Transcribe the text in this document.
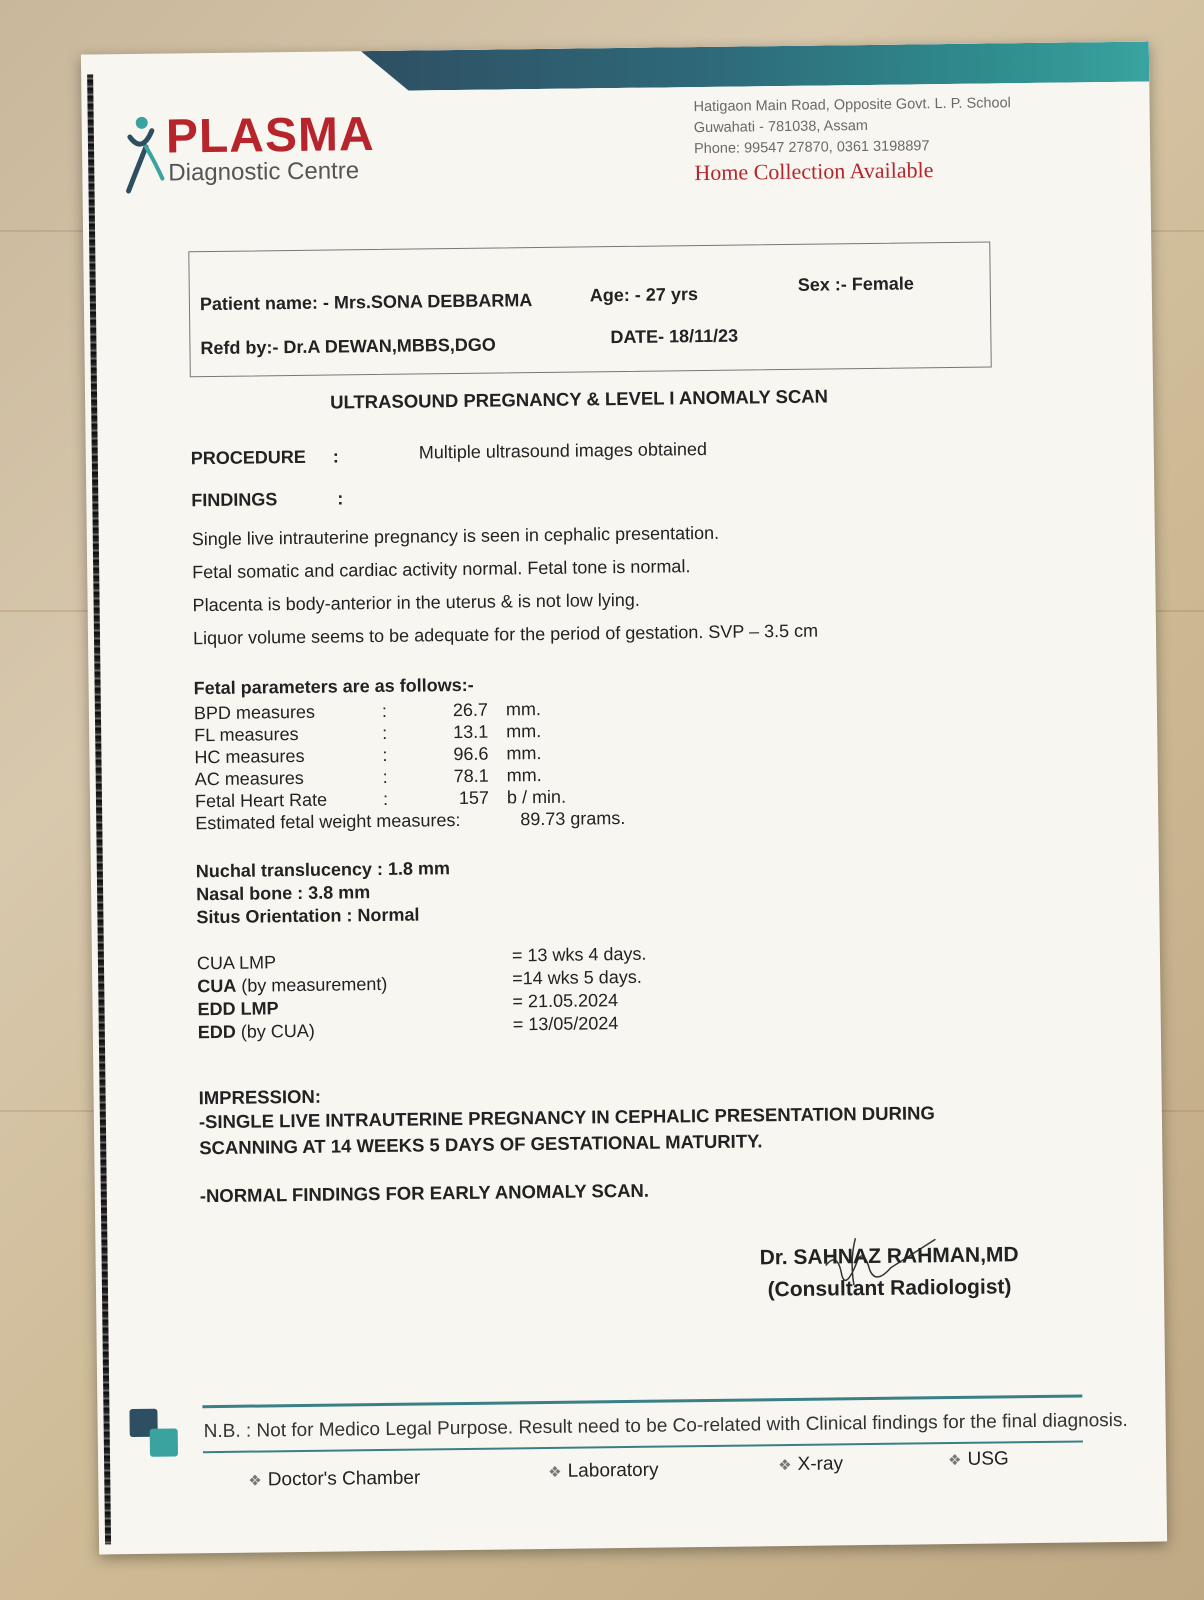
PLASMA
Diagnostic Centre
Hatigaon Main Road, Opposite Govt. L. P. School
Guwahati - 781038, Assam
Phone: 99547 27870, 0361 3198897
Home Collection Available
Patient name: - Mrs.SONA DEBBARMA	Age: - 27 yrs	Sex :- Female
Refd by:- Dr.A DEWAN,MBBS,DGO	DATE- 18/11/23
ULTRASOUND PREGNANCY & LEVEL I ANOMALY SCAN
PROCEDURE :	Multiple ultrasound images obtained
FINDINGS	:
Single live intrauterine pregnancy is seen in cephalic presentation.
Fetal somatic and cardiac activity normal. Fetal tone is normal.
Placenta is body-anterior in the uterus & is not low lying.
Liquor volume seems to be adequate for the period of gestation. SVP – 3.5 cm
Fetal parameters are as follows:-
BPD measures	:	26.7 mm.
FL measures	:	13.1 mm.
HC measures	:	96.6 mm.
AC measures	:	78.1 mm.
Fetal Heart Rate	:	157 b / min.
Estimated fetal weight measures:	89.73 grams.
Nuchal translucency : 1.8 mm
Nasal bone : 3.8 mm
Situs Orientation : Normal
CUA LMP	= 13 wks 4 days.
CUA (by measurement)	=14 wks 5 days.
EDD LMP	= 21.05.2024
EDD (by CUA)	= 13/05/2024
IMPRESSION:
-SINGLE LIVE INTRAUTERINE PREGNANCY IN CEPHALIC PRESENTATION DURING
SCANNING AT 14 WEEKS 5 DAYS OF GESTATIONAL MATURITY.
-NORMAL FINDINGS FOR EARLY ANOMALY SCAN.
Dr. SAHNAZ RAHMAN,MD
(Consultant Radiologist)
N.B. : Not for Medico Legal Purpose. Result need to be Co-related with Clinical findings for the final diagnosis.
❖ Doctor's Chamber	❖ Laboratory	❖ X-ray	❖ USG
